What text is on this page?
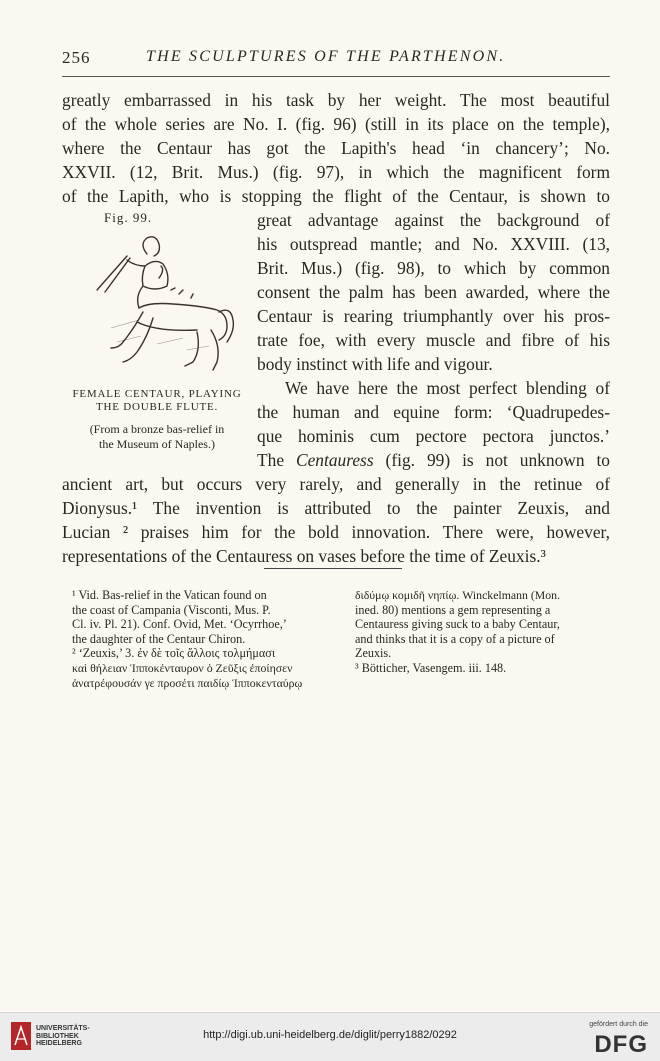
256	THE SCULPTURES OF THE PARTHENON.
greatly embarrassed in his task by her weight. The most beautiful
of the whole series are No. I. (fig. 96) (still in its place on the temple),
where the Centaur has got the Lapith's head ‘in chancery’; No.
XXVII. (12, Brit. Mus.) (fig. 97), in which the magnificent form
of the Lapith, who is stopping the flight of the Centaur, is shown to
great advantage against the background of
his outspread mantle; and No. XXVIII. (13,
Brit. Mus.) (fig. 98), to which by common
consent the palm has been awarded, where the
Centaur is rearing triumphantly over his pros-
trate foe, with every muscle and fibre of his
body instinct with life and vigour.
We have here the most perfect blending of
the human and equine form: ‘Quadrupedes-
que hominis cum pectore pectora junctos.’
The Centauress (fig. 99) is not unknown to
ancient art, but occurs very rarely, and generally in the retinue of
Dionysus.¹ The invention is attributed to the painter Zeuxis, and
Lucian ² praises him for the bold innovation. There were, however,
representations of the Centauress on vases before the time of Zeuxis.³
Fig. 99.
FEMALE CENTAUR, PLAYING
THE DOUBLE FLUTE.
(From a bronze bas-relief in
the Museum of Naples.)

¹ Vid. Bas-relief in the Vatican found on

the coast of Campania (Visconti, Mus. P.

Cl. iv. Pl. 21). Conf. Ovid, Met. ‘Ocyrrhoe,’

the daughter of the Centaur Chiron.

² ‘Zeuxis,’ 3. ἐν δὲ τοῖς ἄλλοις τολμήμασι

καὶ θήλειαν Ἱπποκένταυρον ὁ Ζεῦξις ἐποίησεν

ἀνατρέφουσάν γε προσέτι παιδίῳ Ἱπποκενταύρῳ

διδύμῳ κομιδῆ νηπίῳ. Winckelmann (Mon.

ined. 80) mentions a gem representing a

Centauress giving suck to a baby Centaur,

and thinks that it is a copy of a picture of

Zeuxis.

³ Bötticher, Vasengem. iii. 148.

UNIVERSITÄTS-
BIBLIOTHEK
HEIDELBERG
http://digi.ub.uni-heidelberg.de/diglit/perry1882/0292
gefördert durch die
DFG
